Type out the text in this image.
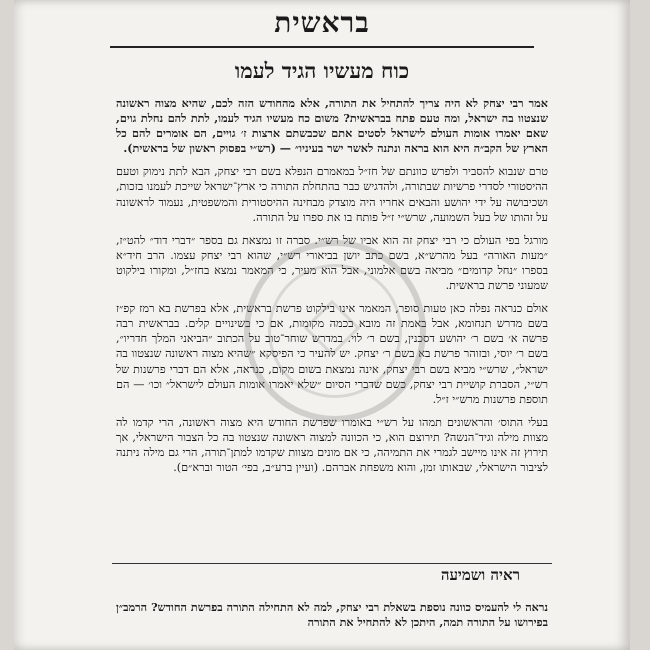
בראשית
כוח מעשיו הגיד לעמו

אמר רבי יצחק לא היה צריך להתחיל את התורה, אלא מהחודש הזה לכם, שהיא מצוה ראשונה שנצטוו בה ישראל, ומה טעם פתח בבראשית? משום כח מעשיו הגיד לעמו, לתת להם נחלת גוים, שאם יאמרו אומות העולם לישראל לסטים אתם שכבשתם ארצות ז׳ גויים, הם אומרים להם כל הארץ של הקב״ה היא הוא בראה ונתנה לאשר ישר בעיניו״ — (רש״י בפסוק ראשון של בראשית).

טרם שנבוא להסביר ולפרש כוונתם של חז״ל במאמרם הנפלא בשם רבי יצחק, הבא לתת נימוק וטעם ההיסטורי לסדרי פרשיות שבתורה, ולהדגיש כבר בהתחלת התורה כי ארץ־ישראל שייכת לעמנו בזכות, ושכיבושה על ידי יהושע והבאים אחריו היה מוצדק מבחינה ההיסטורית והמשפטית, נעמוד לראשונה על זהותו של בעל השמועה, שרש״י ז״ל פותח בו את ספרו על התורה.

מורגל בפי העולם כי רבי יצחק זה הוא אביו של רש״י. סברה זו נמצאת גם בספר ״דברי דוד״ להט״ז, ״מעות האורה״ בעל מהרש״א, בשם כתב יושן בביאורי רש״י, שהוא רבי יצחק עצמו. הרב חיד״א בספרו ״נחל קדומים״ מביאה בשם אלמוני, אבל הוא מעיר, כי המאמר נמצא בחז״ל, ומקורו בילקוט שמעוני פרשת בראשית.

אולם כנראה נפלה כאן טעות סופר, המאמר אינו בילקוט פרשת בראשית, אלא בפרשת בא רמז קפ״ז בשם מדרש תנחומא, אבל באמת זה מובא בכמה מקומות, אם כי בשינויים קלים. בבראשית רבה פרשה א׳ בשם ר׳ יהושע דסכנין, בשם ר׳ לוי. במדרש שוחר־טוב על הכתוב ״הביאני המלך חדריו״, בשם ר׳ יוסי, ובזוהר פרשת בא בשם ר׳ יצחק. יש להעיר כי הפיסקא ״שהיא מצוה ראשונה שנצטוו בה ישראל״, שרש״י מביא בשם רבי יצחק, אינה נמצאת בשום מקום, כנראה, אלא הם דברי פרשנות של רש״י, הסברת קושיית רבי יצחק, כשם שדברי הסיום ״שלא יאמרו אומות העולם לישראל״ וכו׳ — הם תוספת פרשנות מרש״י ז״ל.

בעלי התוס׳ והראשונים תמהו על רש״י באומרו שפרשת החודש היא מצוה ראשונה, הרי קדמו לה מצוות מילה וגיד־הנשה? תירוצם הוא, כי הכוונה למצוה ראשונה שנצטוו בה כל הצבור הישראלי, אך תירוץ זה אינו מיישב לגמרי את התמיהה, כי אם מונים מצוות שקדמו למתן־תורה, הרי גם מילה ניתנה לציבור הישראלי, שבאותו זמן, והוא משפחת אברהם. (ועיין ברע״ב, בפי׳ הטור וברא״ם).

ראיה ושמיעה
נראה לי להעמיס כוונה נוספת בשאלת רבי יצחק, למה לא התחילה התורה בפרשת החודש? הרמב״ן בפירושו על התורה תמה, היתכן לא להתחיל את התורה
